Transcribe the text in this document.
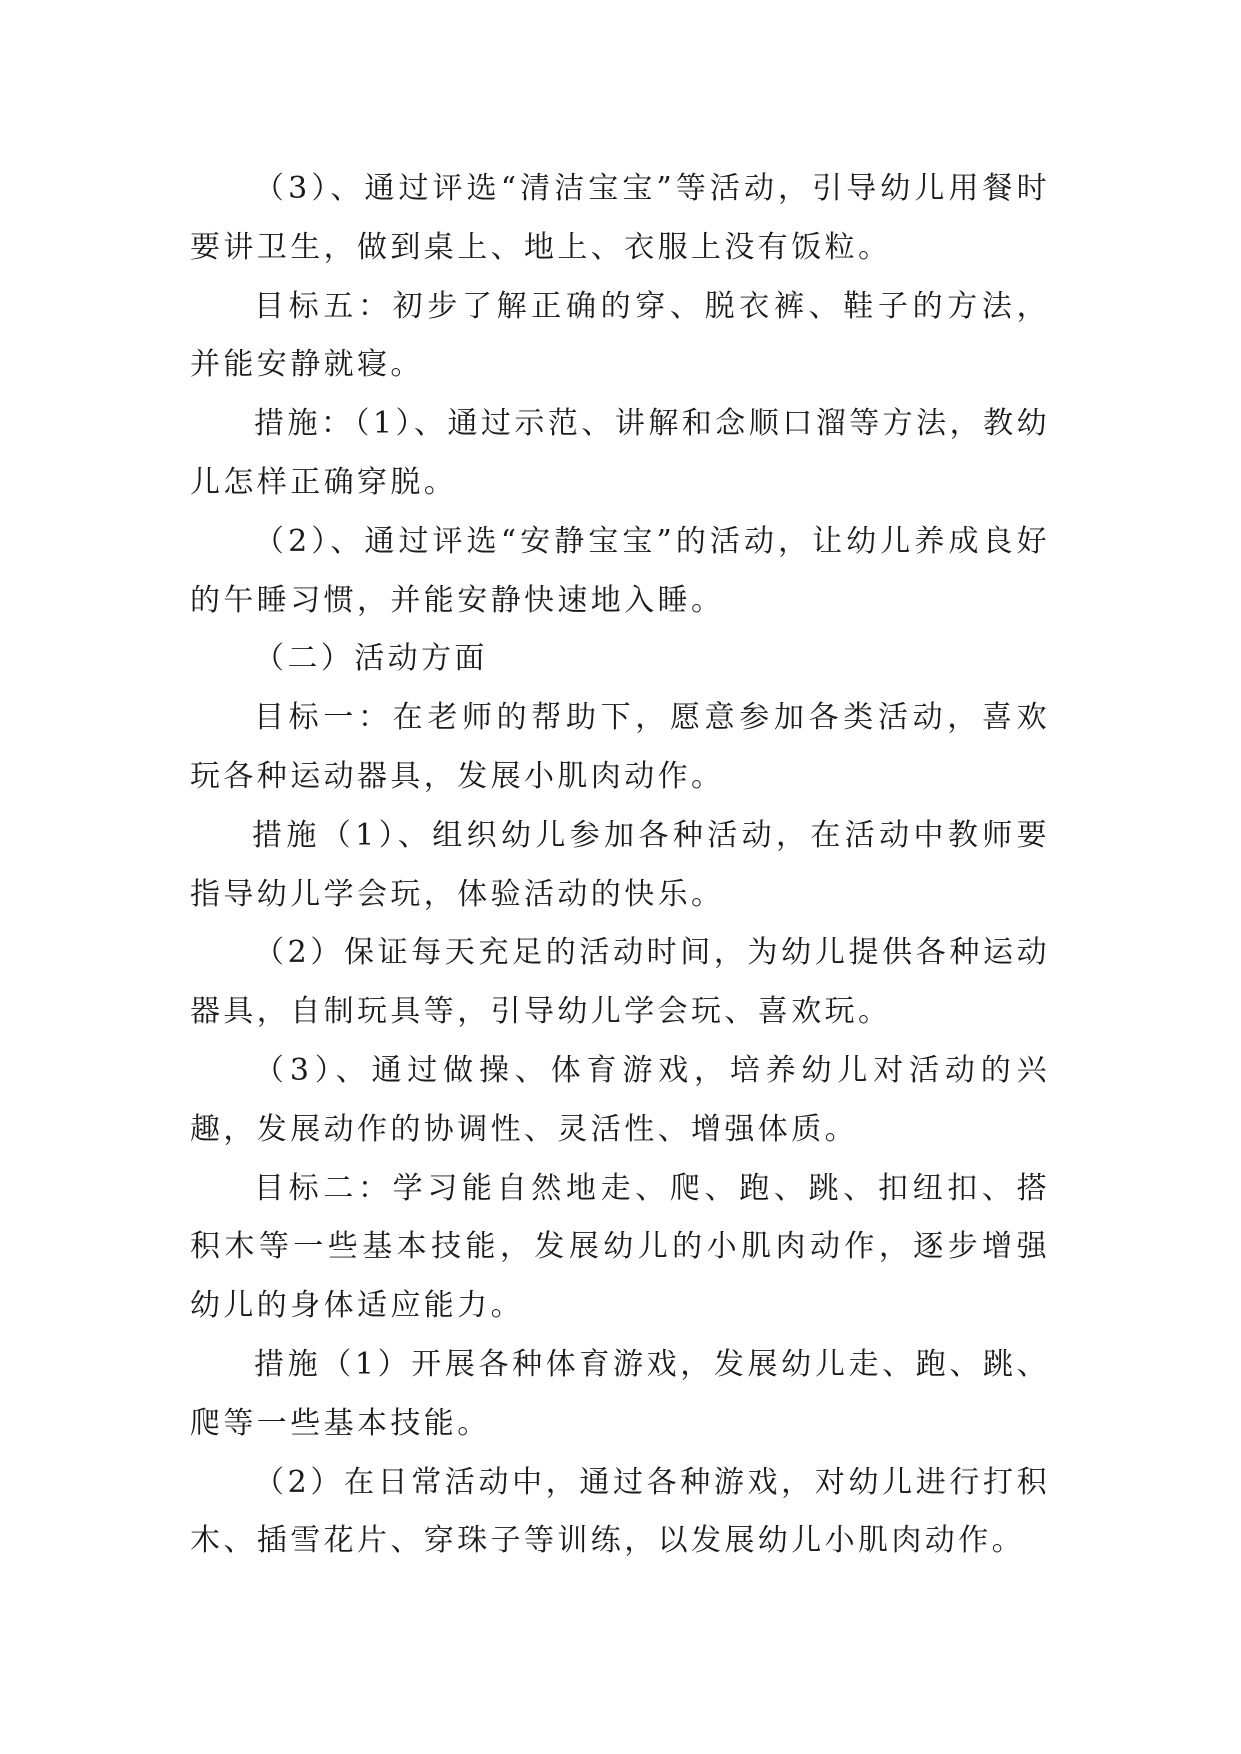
（3）、通过评选“清洁宝宝”等活动，引导幼儿用餐时要讲卫生，做到桌上、地上、衣服上没有饭粒。

目标五：初步了解正确的穿、脱衣裤、鞋子的方法，并能安静就寝。

措施：（1）、通过示范、讲解和念顺口溜等方法，教幼儿怎样正确穿脱。

（2）、通过评选“安静宝宝”的活动，让幼儿养成良好的午睡习惯，并能安静快速地入睡。

（二）活动方面

目标一：在老师的帮助下，愿意参加各类活动，喜欢玩各种运动器具，发展小肌肉动作。

措施（1）、组织幼儿参加各种活动，在活动中教师要指导幼儿学会玩，体验活动的快乐。

（2）保证每天充足的活动时间，为幼儿提供各种运动器具，自制玩具等，引导幼儿学会玩、喜欢玩。

（3）、通过做操、体育游戏，培养幼儿对活动的兴趣，发展动作的协调性、灵活性、增强体质。

目标二：学习能自然地走、爬、跑、跳、扣纽扣、搭积木等一些基本技能，发展幼儿的小肌肉动作，逐步增强幼儿的身体适应能力。

措施（1）开展各种体育游戏，发展幼儿走、跑、跳、爬等一些基本技能。

（2）在日常活动中，通过各种游戏，对幼儿进行打积木、插雪花片、穿珠子等训练，以发展幼儿小肌肉动作。
